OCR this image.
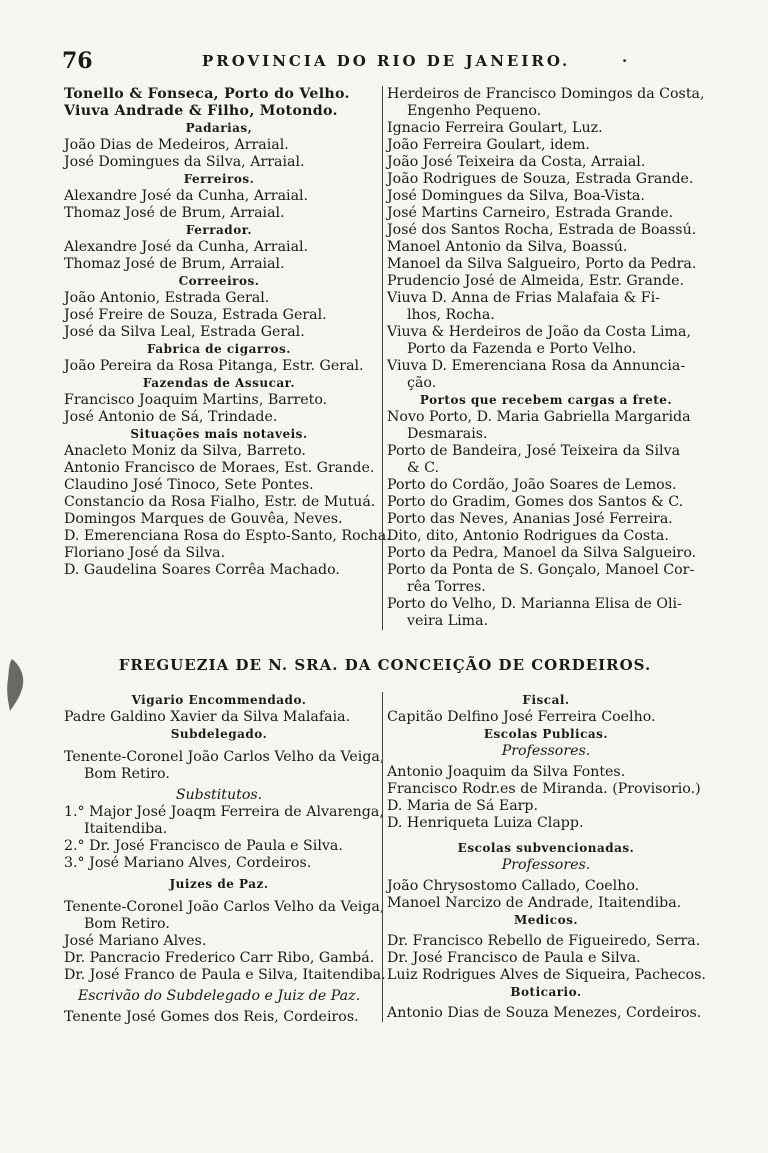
76	PROVINCIA DO RIO DE JANEIRO.	·
Tonello & Fonseca, Porto do Velho.
Viuva Andrade & Filho, Motondo.
Padarias,
João Dias de Medeiros, Arraial.
José Domingues da Silva, Arraial.
Ferreiros.
Alexandre José da Cunha, Arraial.
Thomaz José de Brum, Arraial.
Ferrador.
Alexandre José da Cunha, Arraial.
Thomaz José de Brum, Arraial.
Correeiros.
João Antonio, Estrada Geral.
José Freire de Souza, Estrada Geral.
José da Silva Leal, Estrada Geral.
Fabrica de cigarros.
João Pereira da Rosa Pitanga, Estr. Geral.
Fazendas de Assucar.
Francisco Joaquim Martins, Barreto.
José Antonio de Sá, Trindade.
Situações mais notaveis.
Anacleto Moniz da Silva, Barreto.
Antonio Francisco de Moraes, Est. Grande.
Claudino José Tinoco, Sete Pontes.
Constancio da Rosa Fialho, Estr. de Mutuá.
Domingos Marques de Gouvêa, Neves.
D. Emerenciana Rosa do Espto-Santo, Rocha.
Floriano José da Silva.
D. Gaudelina Soares Corrêa Machado.
Herdeiros de Francisco Domingos da Costa,
Engenho Pequeno.
Ignacio Ferreira Goulart, Luz.
João Ferreira Goulart, idem.
João José Teixeira da Costa, Arraial.
João Rodrigues de Souza, Estrada Grande.
José Domingues da Silva, Boa-Vista.
José Martins Carneiro, Estrada Grande.
José dos Santos Rocha, Estrada de Boassú.
Manoel Antonio da Silva, Boassú.
Manoel da Silva Salgueiro, Porto da Pedra.
Prudencio José de Almeida, Estr. Grande.
Viuva D. Anna de Frias Malafaia & Fi-
lhos, Rocha.
Viuva & Herdeiros de João da Costa Lima,
Porto da Fazenda e Porto Velho.
Viuva D. Emerenciana Rosa da Annuncia-
ção.
Portos que recebem cargas a frete.
Novo Porto, D. Maria Gabriella Margarida
Desmarais.
Porto de Bandeira, José Teixeira da Silva
& C.
Porto do Cordão, João Soares de Lemos.
Porto do Gradim, Gomes dos Santos & C.
Porto das Neves, Ananias José Ferreira.
Dito, dito, Antonio Rodrigues da Costa.
Porto da Pedra, Manoel da Silva Salgueiro.
Porto da Ponta de S. Gonçalo, Manoel Cor-
rêa Torres.
Porto do Velho, D. Marianna Elisa de Oli-
veira Lima.
FREGUEZIA DE N. SRA. DA CONCEIÇÃO DE CORDEIROS.
Vigario Encommendado.
Padre Galdino Xavier da Silva Malafaia.
Subdelegado.
Tenente-Coronel João Carlos Velho da Veiga,
Bom Retiro.
Substitutos.
1.° Major José Joaqm Ferreira de Alvarenga,
Itaitendiba.
2.° Dr. José Francisco de Paula e Silva.
3.° José Mariano Alves, Cordeiros.
Juizes de Paz.
Tenente-Coronel João Carlos Velho da Veiga,
Bom Retiro.
José Mariano Alves.
Dr. Pancracio Frederico Carr Ribo, Gambá.
Dr. José Franco de Paula e Silva, Itaitendiba.
Escrivão do Subdelegado e Juiz de Paz.
Tenente José Gomes dos Reis, Cordeiros.
Fiscal.
Capitão Delfino José Ferreira Coelho.
Escolas Publicas.
Professores.
Antonio Joaquim da Silva Fontes.
Francisco Rodr.es de Miranda. (Provisorio.)
D. Maria de Sá Earp.
D. Henriqueta Luiza Clapp.
Escolas subvencionadas.
Professores.
João Chrysostomo Callado, Coelho.
Manoel Narcizo de Andrade, Itaitendiba.
Medicos.
Dr. Francisco Rebello de Figueiredo, Serra.
Dr. José Francisco de Paula e Silva.
Luiz Rodrigues Alves de Siqueira, Pachecos.
Boticario.
Antonio Dias de Souza Menezes, Cordeiros.
